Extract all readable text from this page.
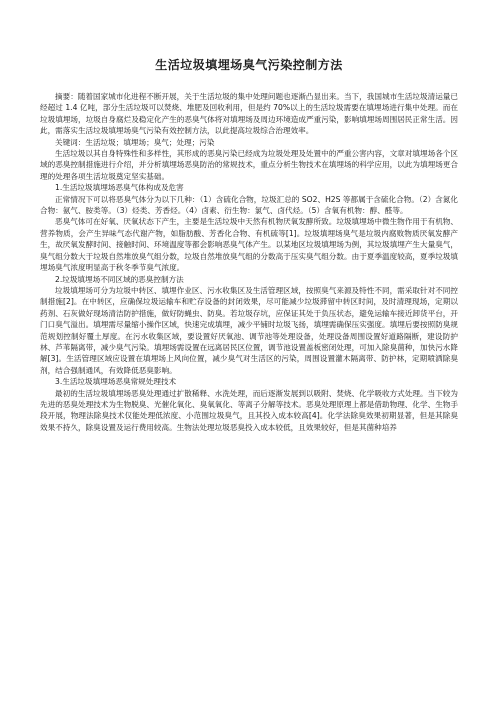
生活垃圾填埋场臭气污染控制方法

摘要：随着国家城市化进程不断开展，关于生活垃圾的集中处理问题也逐渐凸显出来。当下，我国城市生活垃圾清运量已经超过 1.4 亿吨，部分生活垃圾可以焚烧、堆肥及回收利用，但是约 70%以上的生活垃圾需要在填埋场进行集中处理。而在垃圾填埋场，垃圾自身腐烂及稳定化产生的恶臭气体将对填埋场及周边环境造成严重污染，影响填埋场周围居民正常生活。因此，需落实生活垃圾填埋场臭气污染有效控制方法，以此提高垃圾综合治理效率。

关键词：生活垃圾；填埋场；臭气；处理；污染

生活垃圾以其自身特殊性和多样性，其形成的恶臭污染已经成为垃圾处理及处置中的严重公害内容，文章对填埋场各个区域的恶臭控制措施进行介绍，并分析填埋场恶臭防治的常规技术，重点分析生物技术在填埋场的科学应用，以此为填埋场更合理的处理各项生活垃圾奠定坚实基础。

1.生活垃圾填埋场恶臭气体构成及危害

正常情况下可以将恶臭气体分为以下几种：（1）含硫化合物，垃圾汇总的 SO2、H2S 等都属于含硫化合物。（2）含氮化合物：氨气、胺类等。（3）烃类、芳香烃。（4）卤素、衍生物：氯气、卤代烃。（5）含氧有机物：醇、醛等。

恶臭气体可在好氧、厌氧状态下产生，主要是生活垃圾中天然有机物厌氧发酵所致。垃圾填埋场中微生物作用于有机物、营养物质，会产生异味气态代谢产物，如脂肪酸、芳香化合物、有机硫等[1]。垃圾填埋场臭气是垃圾内腐败物质厌氧发酵产生，故厌氧发酵时间、接触时间、环境温度等都会影响恶臭气体产生。以某地区垃圾填埋场为例，其垃圾填埋产生大量臭气，臭气组分数大于垃圾自然堆放臭气组分数，垃圾自然堆放臭气组的分数高于压实臭气组分数。由于夏季温度较高，夏季垃圾填埋场臭气浓度明显高于秋冬季节臭气浓度。

2.垃圾填埋场不同区域的恶臭控制方法

垃圾填埋场可分为垃圾中转区、填埋作业区、污水收集区及生活管理区域，按照臭气来源及特性不同，需采取针对不同控制措施[2]。在中转区，应确保垃圾运输车和贮存设备的封闭效果，尽可能减少垃圾滞留中转区时间，及时清理现场，定期以药剂、石灰做好现场清洁防护措施，做好防蝇虫、防臭。若垃圾存坑，应保证其处于负压状态，避免运输车接近卸货平台，开门口臭气溢出。填埋需尽量缩小操作区域，快速完成填埋，减少平铺时垃圾飞扬，填埋需确保压实强度。填埋后要按照防臭规范规划控制好覆土厚度。在污水收集区域，要设置好厌氧池、调节池等处理设备，处理设备周围设置好道路隔断，建设防护林、芦苇隔离带，减少臭气污染。填埋场需设置在远离居民区位置，调节池设置盖板密闭处理，可加入除臭菌种，加快污水降解[3]。生活管理区域应设置在填埋场上风向位置，减少臭气对生活区的污染，周围设置灌木隔离带、防护林，定期喷洒除臭剂，结合强制通风，有效降低恶臭影响。

3.生活垃圾填埋场恶臭常规处理技术

最初的生活垃圾填埋场恶臭处理通过扩散稀释、水洗处理，而后逐渐发展到以吸附、焚烧、化学吸收方式处理。当下较为先进的恶臭处理技术为生物脱臭、光催化氧化、臭氧氧化、等离子分解等技术。恶臭处理原理上都是借助物理、化学、生物手段开展，物理法除臭技术仅能处理低浓度、小范围垃圾臭气，且其投入成本较高[4]。化学法除臭效果初期显著，但是其除臭效果不持久，除臭设置及运行费用较高。生物法处理垃圾恶臭投入成本较低，且效果较好，但是其菌种培养
